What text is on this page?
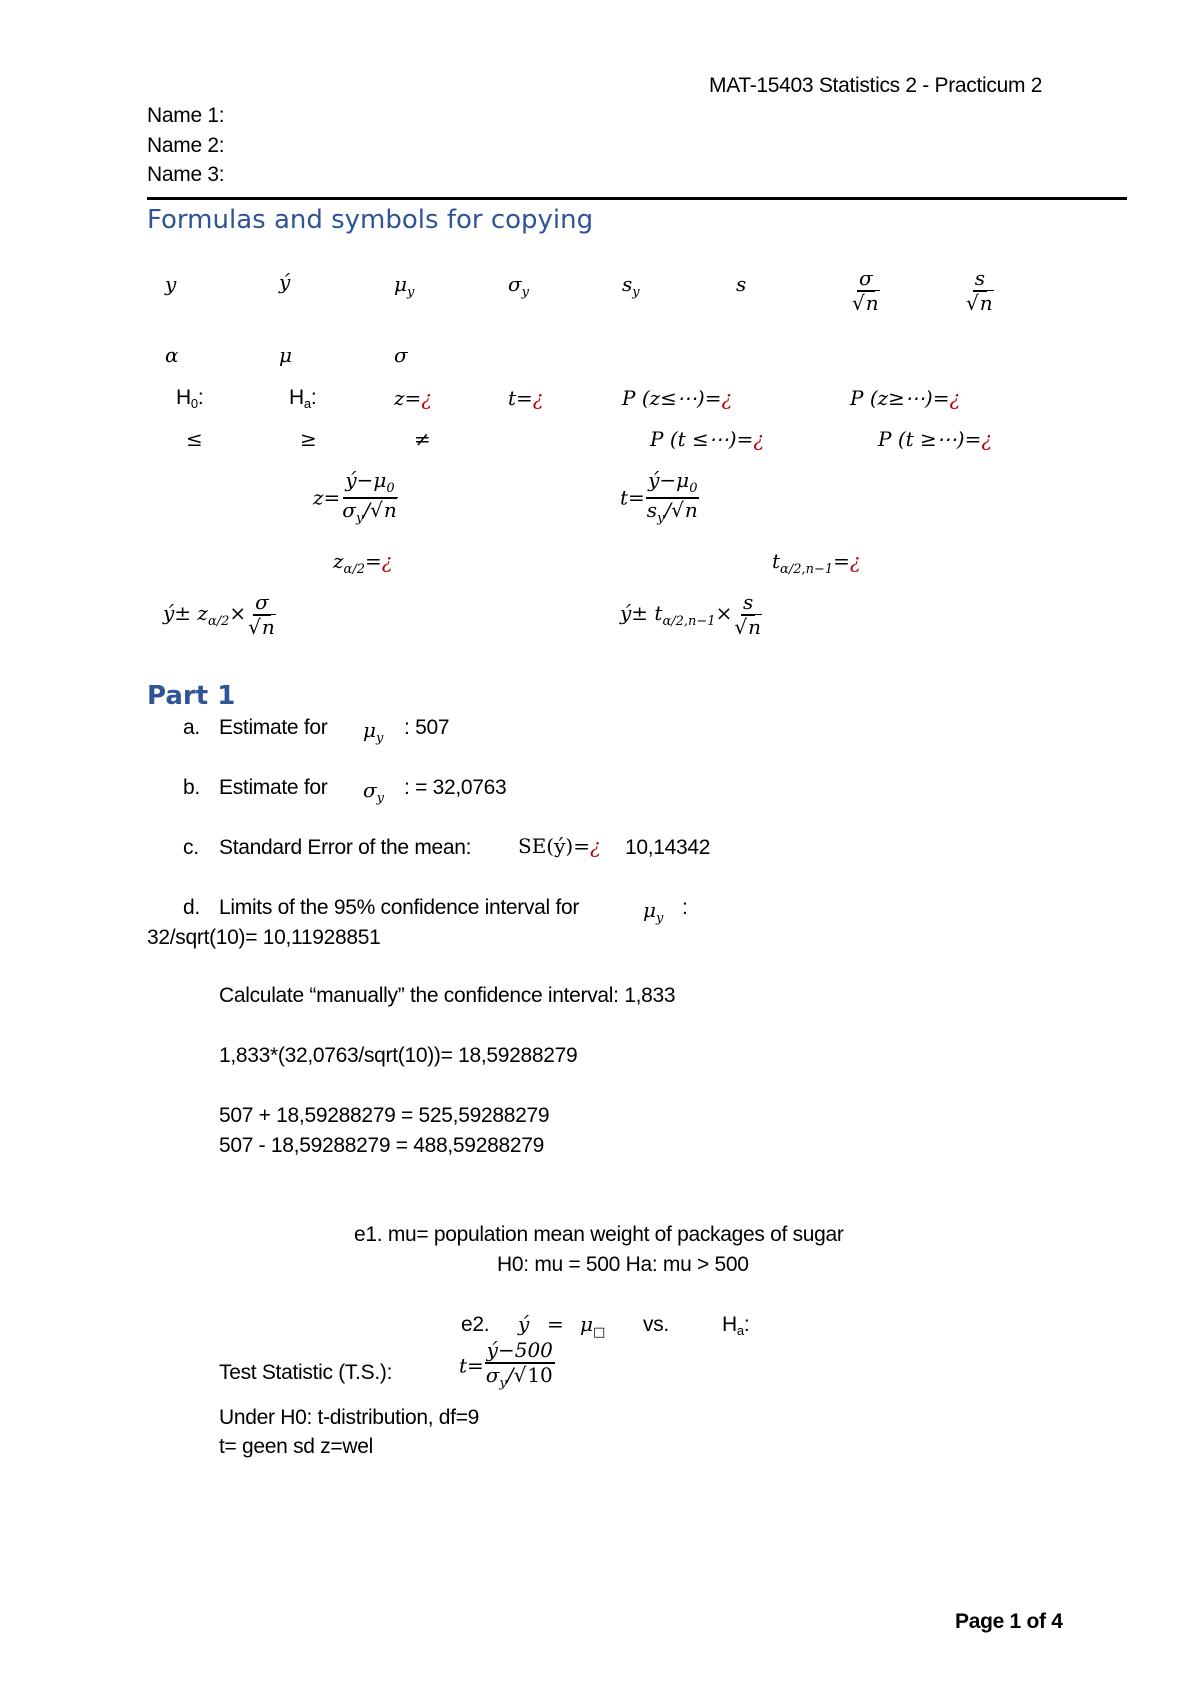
MAT-15403 Statistics 2 - Practicum 2
Name 1:
Name 2:
Name 3:
Formulas and symbols for copying
y	ý	$\mu_y$	$\sigma_y$	$s_y$	s	$\frac{\sigma}{√n}$	$\frac{s}{√n}$
α	μ	σ
H0:	Ha:	z=¿	t=¿	P (z≤⋯)=¿	P (z≥⋯)=¿
≤	≥	≠	P (t ≤⋯)=¿	P (t ≥⋯)=¿
$z= \frac{ý-\mu_0}{\sigma_y/√n}$	$t= \frac{ý-\mu_0}{s_y/√n}$
$z_{\alpha/2}=¿$	$t_{\alpha/2,n-1}=¿$
ý± $z_{\alpha/2}\times \frac{\sigma}{√n}$	ý± $t_{\alpha/2,n-1}\times \frac{s}{√n}$
Part 1
a. Estimate for $\mu_y$ : 507
b. Estimate for $\sigma_y$ : = 32,0763
c. Standard Error of the mean: SE(ý)=¿ 10,14342
d. Limits of the 95% confidence interval for	$\mu_y$ :
32/sqrt(10)= 10,11928851
Calculate “manually” the confidence interval: 1,833
1,833*(32,0763/sqrt(10))= 18,59288279
507 + 18,59288279 = 525,59288279
507 - 18,59288279 = 488,59288279
e1. mu= population mean weight of packages of sugar
H0: mu = 500 Ha: mu > 500
e2. ý = $\mu_□$ vs.	Ha:
Test Statistic (T.S.):	$t= \frac{ý-500}{\sigma_y/√10}$
Under H0: t-distribution, df=9
t= geen sd z=wel
Page 1 of 4
